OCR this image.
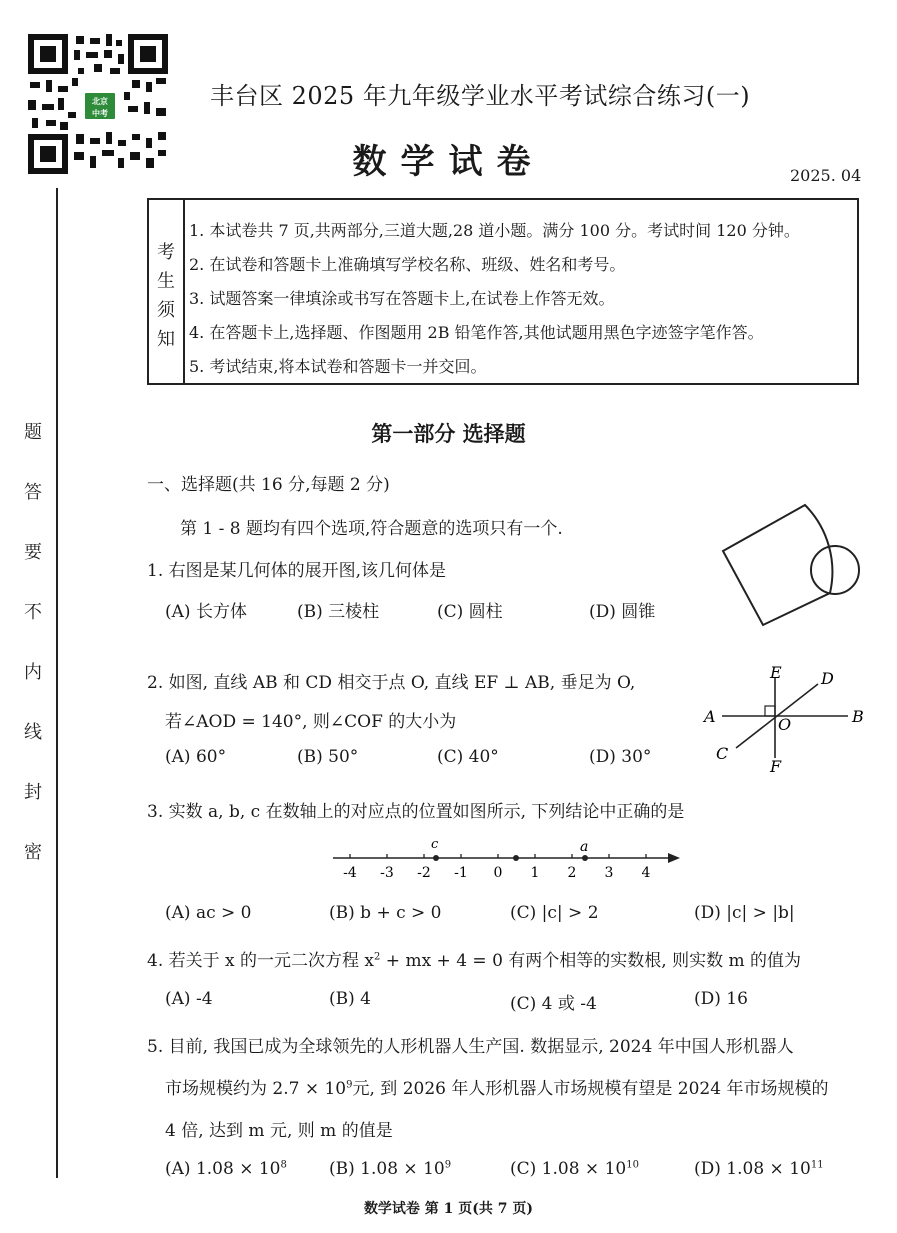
北京
中考
丰台区 2025 年九年级学业水平考试综合练习(一)
数学试卷	2025. 04
题
答
要
不
内
线
封
密
考
生
须
知
1. 本试卷共 7 页,共两部分,三道大题,28 道小题。满分 100 分。考试时间 120 分钟。
2. 在试卷和答题卡上准确填写学校名称、班级、姓名和考号。
3. 试题答案一律填涂或书写在答题卡上,在试卷上作答无效。
4. 在答题卡上,选择题、作图题用 2B 铅笔作答,其他试题用黑色字迹签字笔作答。
5. 考试结束,将本试卷和答题卡一并交回。
第一部分 选择题
一、选择题(共 16 分,每题 2 分)
第 1 - 8 题均有四个选项,符合题意的选项只有一个.
1. 右图是某几何体的展开图,该几何体是
(A) 长方体	(B) 三棱柱	(C) 圆柱	(D) 圆锥
2. 如图, 直线 AB 和 CD 相交于点 O, 直线 EF ⊥ AB, 垂足为 O,
若∠AOD = 140°, 则∠COF 的大小为
(A) 60°	(B) 50°	(C) 40°	(D) 30°
A	B
C
D
E
F
O
3. 实数 a, b, c 在数轴上的对应点的位置如图所示, 下列结论中正确的是
-4 -3 -2 -1 0 1 2 3 4
c	a
(A) ac > 0	(B) b + c > 0	(C) |c| > 2	(D) |c| > |b|
4. 若关于 x 的一元二次方程 $x^2$ + mx + 4 = 0 有两个相等的实数根, 则实数 m 的值为
(A) -4	(B) 4	(C) 4 或 -4	(D) 16
5. 目前, 我国已成为全球领先的人形机器人生产国. 数据显示, 2024 年中国人形机器人
市场规模约为 $2.7 \times 10^9$元, 到 2026 年人形机器人市场规模有望是 2024 年市场规模的
4 倍, 达到 m 元, 则 m 的值是
(A) $1.08 \times 10^8$ (B) $1.08 \times 10^9$	(C) $1.08 \times 10^{10}$	(D) $1.08 \times 10^{11}$
数学试卷 第 1 页(共 7 页)
